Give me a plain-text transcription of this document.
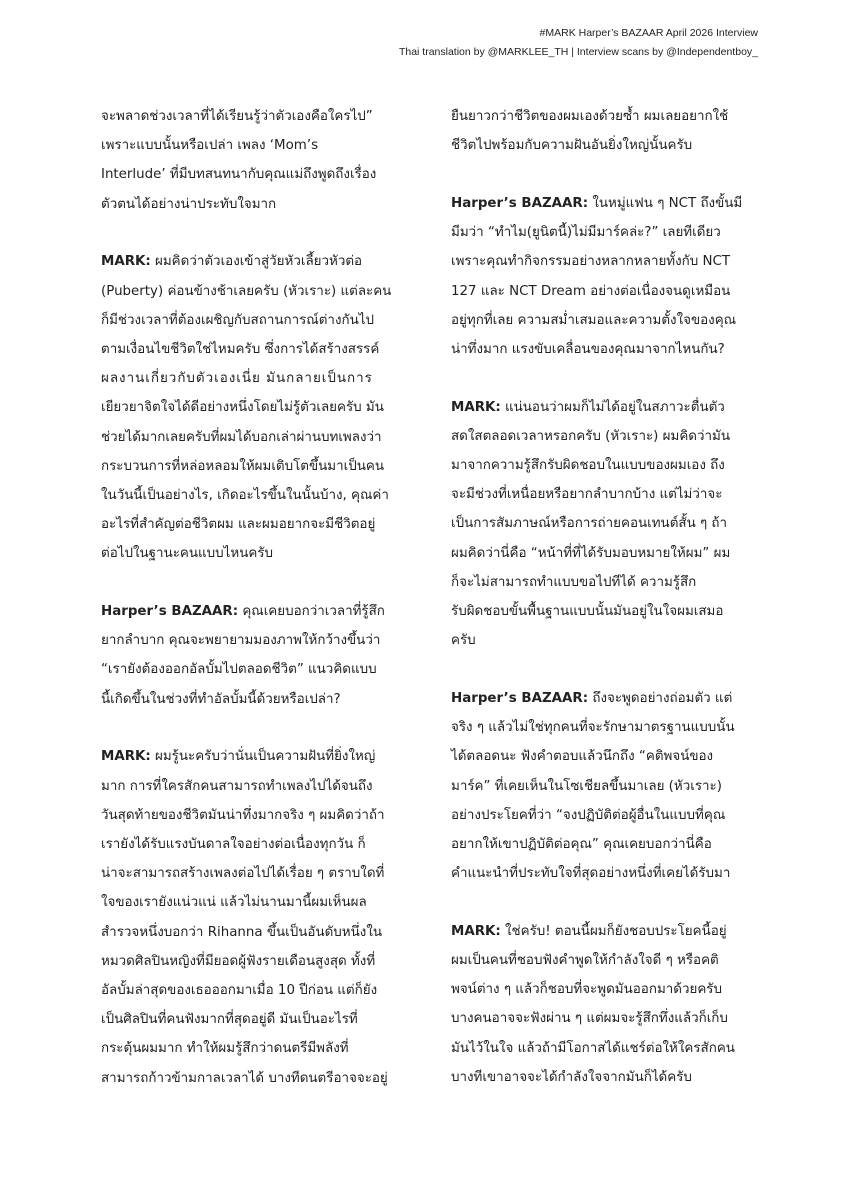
#MARK Harper’s BAZAAR April 2026 Interview
Thai translation by @MARKLEE_TH | Interview scans by @Independentboy_
จะพลาดช่วงเวลาที่ได้เรียนรู้ว่าตัวเองคือใครไป”
เพราะแบบนั้นหรือเปล่า เพลง ‘Mom’s
Interlude’ ที่มีบทสนทนากับคุณแม่ถึงพูดถึงเรื่อง
ตัวตนได้อย่างน่าประทับใจมาก
MARK: ผมคิดว่าตัวเองเข้าสู่วัยหัวเลี้ยวหัวต่อ
(Puberty) ค่อนข้างช้าเลยครับ (หัวเราะ) แต่ละคน
ก็มีช่วงเวลาที่ต้องเผชิญกับสถานการณ์ต่างกันไป
ตามเงื่อนไขชีวิตใช่ไหมครับ ซึ่งการได้สร้างสรรค์
ผลงานเกี่ยวกับตัวเองเนี่ย มันกลายเป็นการ
เยียวยาจิตใจได้ดีอย่างหนึ่งโดยไม่รู้ตัวเลยครับ มัน
ช่วยได้มากเลยครับที่ผมได้บอกเล่าผ่านบทเพลงว่า
กระบวนการที่หล่อหลอมให้ผมเติบโตขึ้นมาเป็นคน
ในวันนี้เป็นอย่างไร, เกิดอะไรขึ้นในนั้นบ้าง, คุณค่า
อะไรที่สำคัญต่อชีวิตผม และผมอยากจะมีชีวิตอยู่
ต่อไปในฐานะคนแบบไหนครับ
Harper’s BAZAAR: คุณเคยบอกว่าเวลาที่รู้สึก
ยากลำบาก คุณจะพยายามมองภาพให้กว้างขึ้นว่า
“เรายังต้องออกอัลบั้มไปตลอดชีวิต” แนวคิดแบบ
นี้เกิดขึ้นในช่วงที่ทำอัลบั้มนี้ด้วยหรือเปล่า?
MARK: ผมรู้นะครับว่านั่นเป็นความฝันที่ยิ่งใหญ่
มาก การที่ใครสักคนสามารถทำเพลงไปได้จนถึง
วันสุดท้ายของชีวิตมันน่าทึ่งมากจริง ๆ ผมคิดว่าถ้า
เรายังได้รับแรงบันดาลใจอย่างต่อเนื่องทุกวัน ก็
น่าจะสามารถสร้างเพลงต่อไปได้เรื่อย ๆ ตราบใดที่
ใจของเรายังแน่วแน่ แล้วไม่นานมานี้ผมเห็นผล
สำรวจหนึ่งบอกว่า Rihanna ขึ้นเป็นอันดับหนึ่งใน
หมวดศิลปินหญิงที่มียอดผู้ฟังรายเดือนสูงสุด ทั้งที่
อัลบั้มล่าสุดของเธอออกมาเมื่อ 10 ปีก่อน แต่ก็ยัง
เป็นศิลปินที่คนฟังมากที่สุดอยู่ดี มันเป็นอะไรที่
กระตุ้นผมมาก ทำให้ผมรู้สึกว่าดนตรีมีพลังที่
สามารถก้าวข้ามกาลเวลาได้ บางทีดนตรีอาจจะอยู่
ยืนยาวกว่าชีวิตของผมเองด้วยซ้ำ ผมเลยอยากใช้
ชีวิตไปพร้อมกับความฝันอันยิ่งใหญ่นั้นครับ
Harper’s BAZAAR: ในหมู่แฟน ๆ NCT ถึงขั้นมี
มีมว่า “ทำไม(ยูนิตนี้)ไม่มีมาร์คล่ะ?” เลยทีเดียว
เพราะคุณทำกิจกรรมอย่างหลากหลายทั้งกับ NCT
127 และ NCT Dream อย่างต่อเนื่องจนดูเหมือน
อยู่ทุกที่เลย ความสม่ำเสมอและความตั้งใจของคุณ
น่าทึ่งมาก แรงขับเคลื่อนของคุณมาจากไหนกัน?
MARK: แน่นอนว่าผมก็ไม่ได้อยู่ในสภาวะตื่นตัว
สดใสตลอดเวลาหรอกครับ (หัวเราะ) ผมคิดว่ามัน
มาจากความรู้สึกรับผิดชอบในแบบของผมเอง ถึง
จะมีช่วงที่เหนื่อยหรือยากลำบากบ้าง แต่ไม่ว่าจะ
เป็นการสัมภาษณ์หรือการถ่ายคอนเทนต์สั้น ๆ ถ้า
ผมคิดว่านี่คือ “หน้าที่ที่ได้รับมอบหมายให้ผม” ผม
ก็จะไม่สามารถทำแบบขอไปทีได้ ความรู้สึก
รับผิดชอบขั้นพื้นฐานแบบนั้นมันอยู่ในใจผมเสมอ
ครับ
Harper’s BAZAAR: ถึงจะพูดอย่างถ่อมตัว แต่
จริง ๆ แล้วไม่ใช่ทุกคนที่จะรักษามาตรฐานแบบนั้น
ได้ตลอดนะ ฟังคำตอบแล้วนึกถึง “คติพจน์ของ
มาร์ค” ที่เคยเห็นในโซเชียลขึ้นมาเลย (หัวเราะ)
อย่างประโยคที่ว่า “จงปฏิบัติต่อผู้อื่นในแบบที่คุณ
อยากให้เขาปฏิบัติต่อคุณ” คุณเคยบอกว่านี่คือ
คำแนะนำที่ประทับใจที่สุดอย่างหนึ่งที่เคยได้รับมา
MARK: ใช่ครับ! ตอนนี้ผมก็ยังชอบประโยคนี้อยู่
ผมเป็นคนที่ชอบฟังคำพูดให้กำลังใจดี ๆ หรือคติ
พจน์ต่าง ๆ แล้วก็ชอบที่จะพูดมันออกมาด้วยครับ
บางคนอาจจะฟังผ่าน ๆ แต่ผมจะรู้สึกทึ่งแล้วก็เก็บ
มันไว้ในใจ แล้วถ้ามีโอกาสได้แชร์ต่อให้ใครสักคน
บางทีเขาอาจจะได้กำลังใจจากมันก็ได้ครับ
